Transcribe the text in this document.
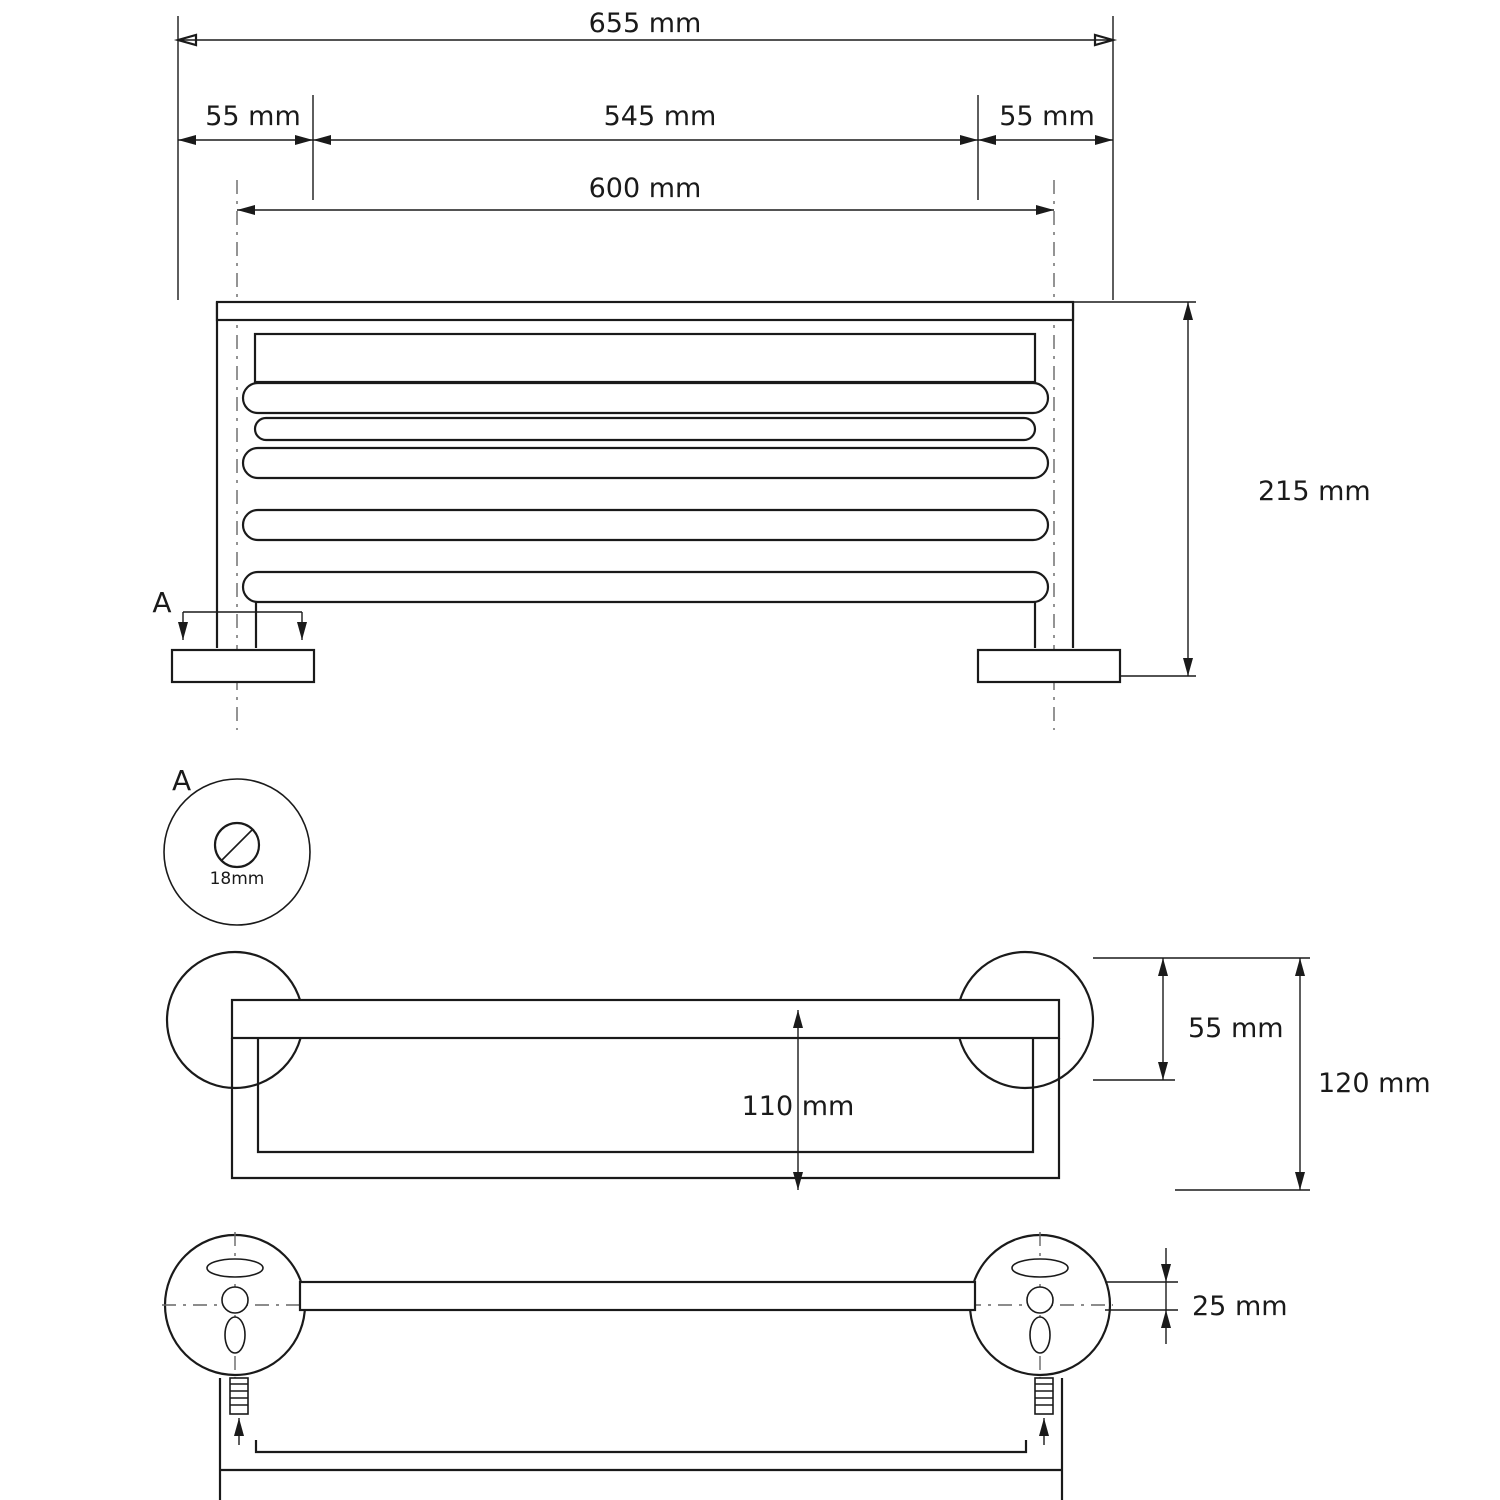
655 mm
55 mm	545 mm	55 mm
600 mm
A
215 mm
A
18mm
110 mm
55 mm
120 mm
25 mm
